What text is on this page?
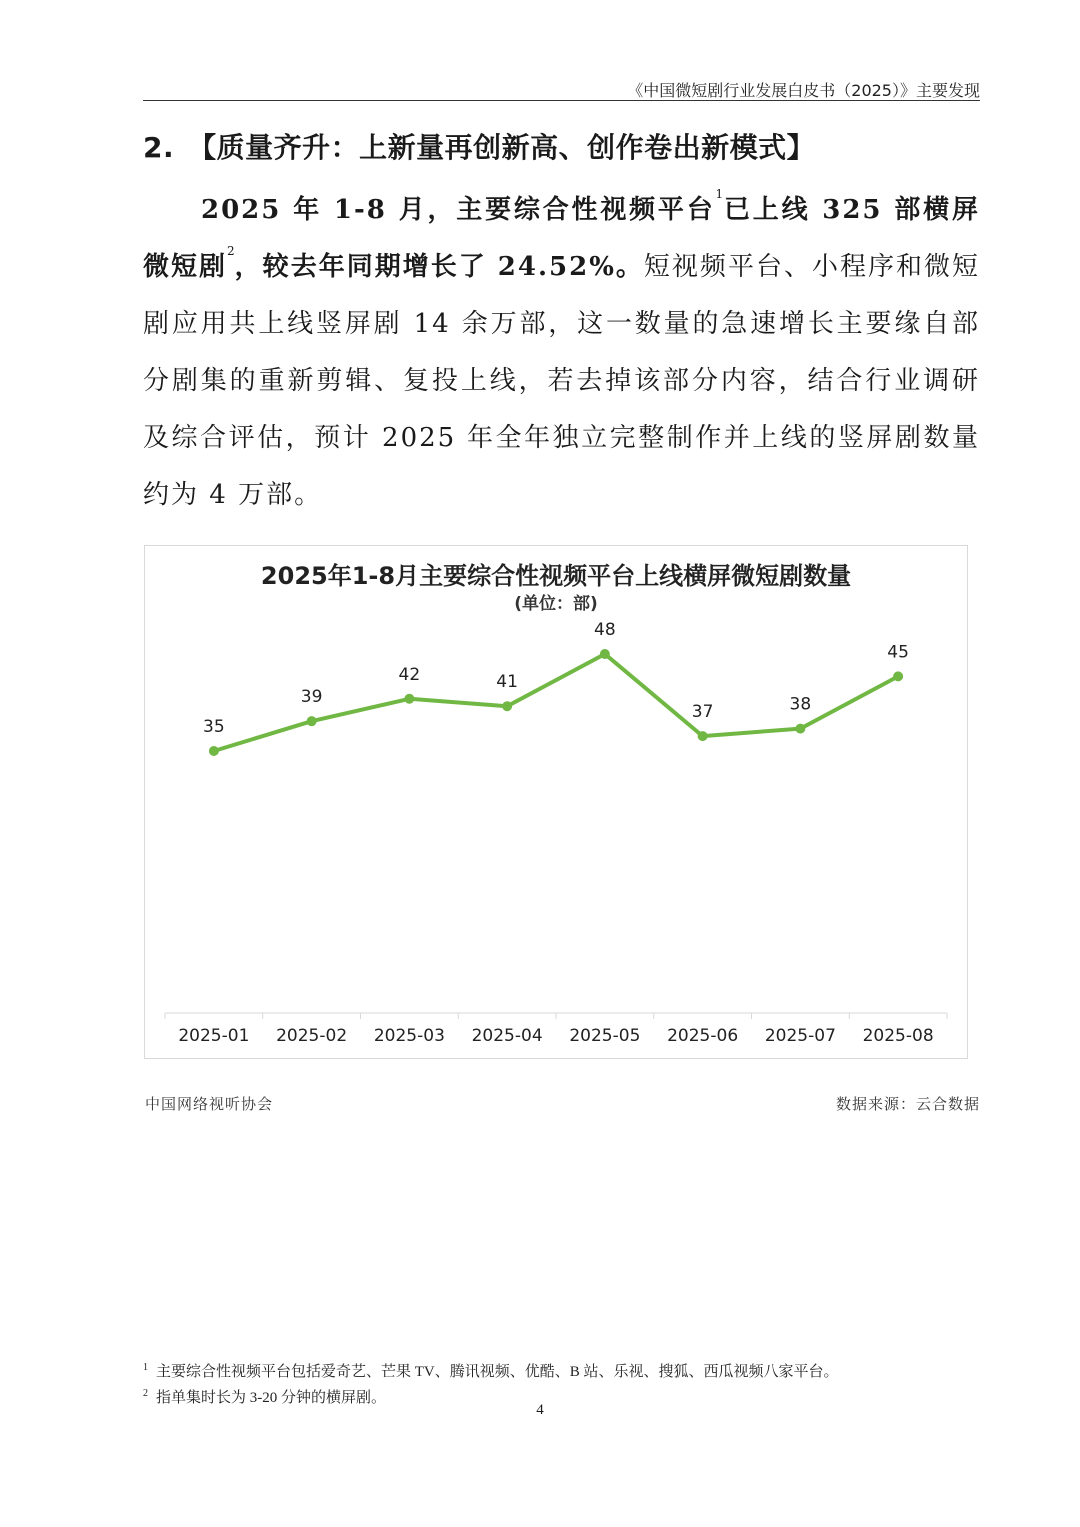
《中国微短剧行业发展白皮书（2025）》主要发现
2. 【质量齐升：上新量再创新高、创作卷出新模式】
2025 年 1-8 月，主要综合性视频平台$^1$已上线 325 部横屏微短剧$^2$，较去年同期增长了 24.52%。短视频平台、小程序和微短剧应用共上线竖屏剧 14 余万部，这一数量的急速增长主要缘自部分剧集的重新剪辑、复投上线，若去掉该部分内容，结合行业调研及综合评估，预计 2025 年全年独立完整制作并上线的竖屏剧数量约为 4 万部。
2025年1-8月主要综合性视频平台上线横屏微短剧数量
(单位：部)
2025-01 2025-02 2025-03 2025-04 2025-05 2025-06 2025-07 2025-08
35
39
42	41
48
37	38
45
中国网络视听协会	数据来源：云合数据
$^1$ 主要综合性视频平台包括爱奇艺、芒果 TV、腾讯视频、优酷、B 站、乐视、搜狐、西瓜视频八家平台。
$^2$ 指单集时长为 3-20 分钟的横屏剧。
4
